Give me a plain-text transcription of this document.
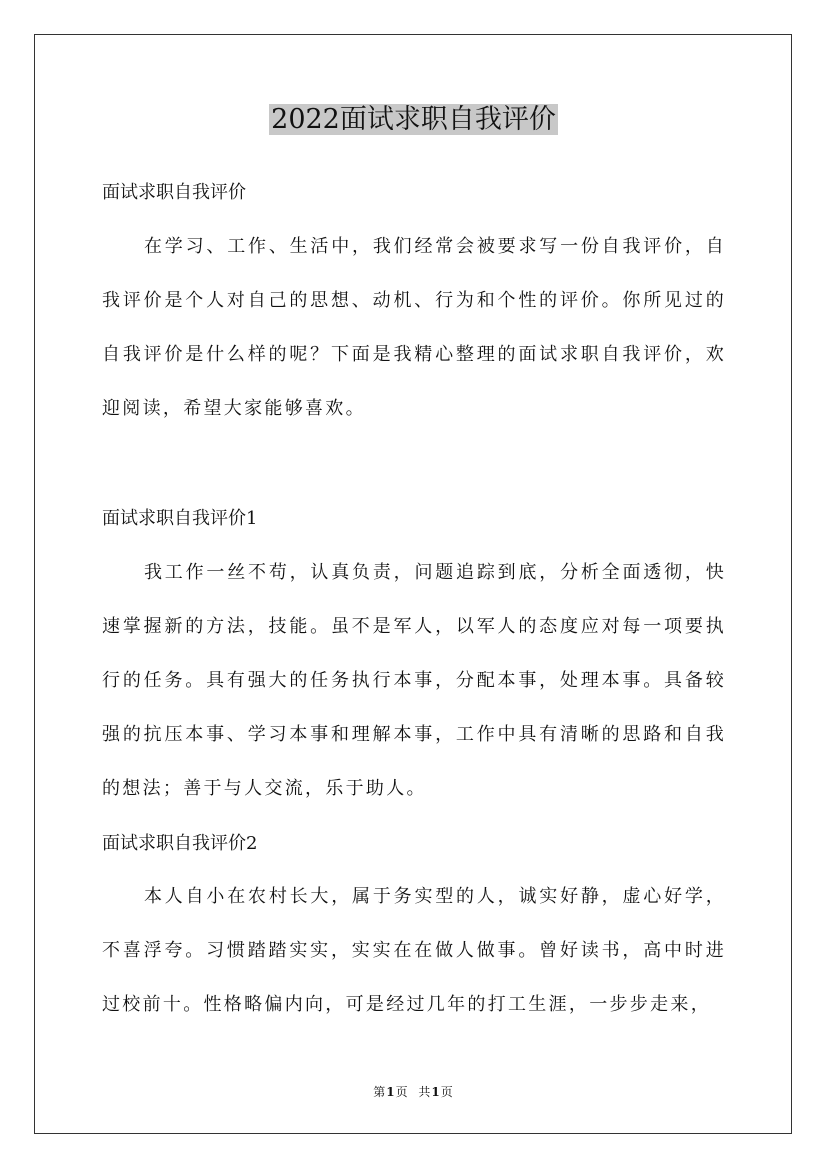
2022面试求职自我评价

面试求职自我评价

在学习、工作、生活中，我们经常会被要求写一份自我评价，自我评价是个人对自己的思想、动机、行为和个性的评价。你所见过的自我评价是什么样的呢？下面是我精心整理的面试求职自我评价，欢迎阅读，希望大家能够喜欢。

面试求职自我评价1

我工作一丝不苟，认真负责，问题追踪到底，分析全面透彻，快速掌握新的方法，技能。虽不是军人，以军人的态度应对每一项要执行的任务。具有强大的任务执行本事，分配本事，处理本事。具备较强的抗压本事、学习本事和理解本事，工作中具有清晰的思路和自我的想法；善于与人交流，乐于助人。

面试求职自我评价2

本人自小在农村长大，属于务实型的人，诚实好静，虚心好学，不喜浮夸。习惯踏踏实实，实实在在做人做事。曾好读书，高中时进过校前十。性格略偏内向，可是经过几年的打工生涯，一步步走来，

第1页 共1页
